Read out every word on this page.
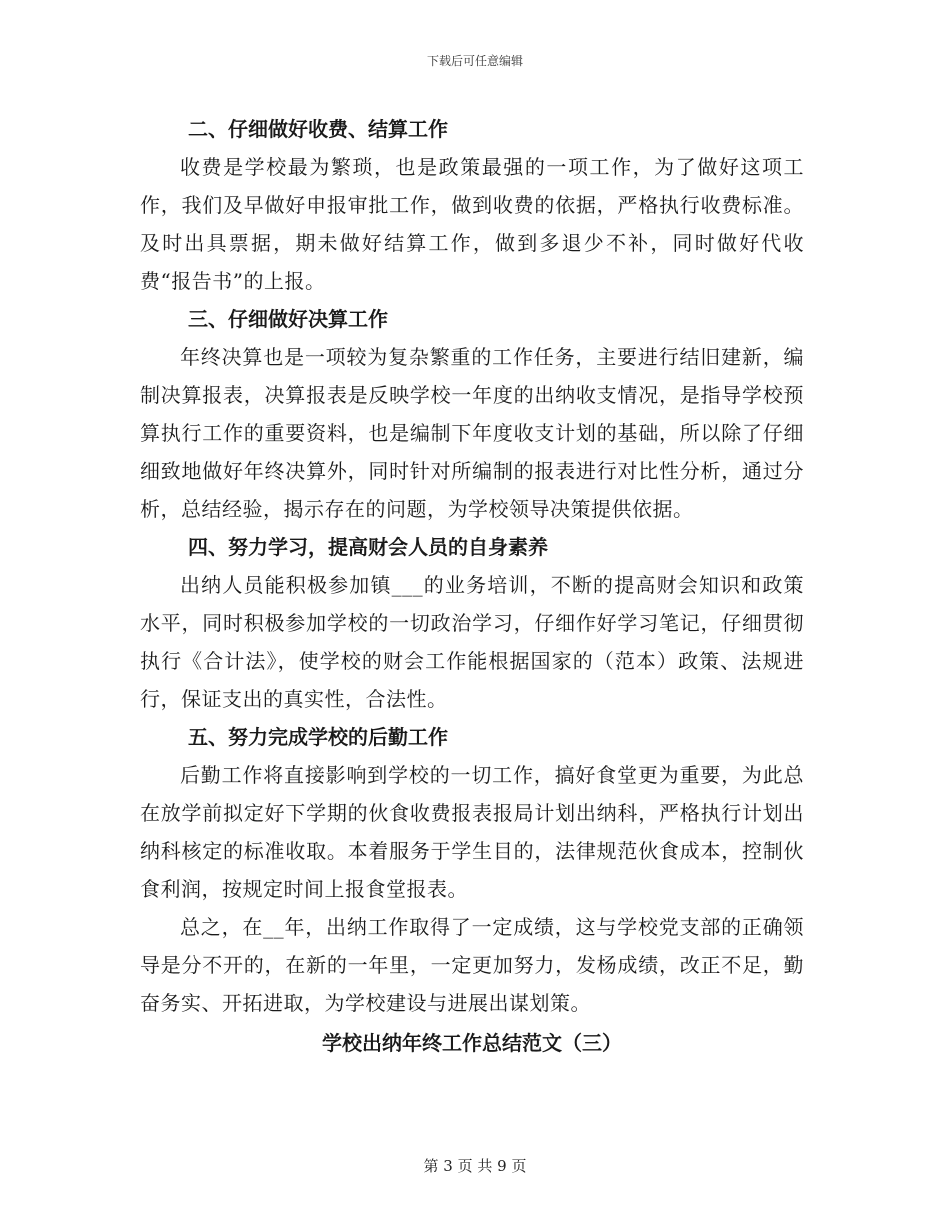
下载后可任意编辑
二、仔细做好收费、结算工作

收费是学校最为繁琐，也是政策最强的一项工作，为了做好这项工作，我们及早做好申报审批工作，做到收费的依据，严格执行收费标准。及时出具票据，期未做好结算工作，做到多退少不补，同时做好代收费“报告书”的上报。

三、仔细做好决算工作

年终决算也是一项较为复杂繁重的工作任务，主要进行结旧建新，编制决算报表，决算报表是反映学校一年度的出纳收支情况，是指导学校预算执行工作的重要资料，也是编制下年度收支计划的基础，所以除了仔细细致地做好年终决算外，同时针对所编制的报表进行对比性分析，通过分析，总结经验，揭示存在的问题，为学校领导决策提供依据。

四、努力学习，提高财会人员的自身素养

出纳人员能积极参加镇___的业务培训，不断的提高财会知识和政策水平，同时积极参加学校的一切政治学习，仔细作好学习笔记，仔细贯彻执行《合计法》，使学校的财会工作能根据国家的（范本）政策、法规进行，保证支出的真实性，合法性。

五、努力完成学校的后勤工作

后勤工作将直接影响到学校的一切工作，搞好食堂更为重要，为此总在放学前拟定好下学期的伙食收费报表报局计划出纳科，严格执行计划出纳科核定的标准收取。本着服务于学生目的，法律规范伙食成本，控制伙食利润，按规定时间上报食堂报表。

总之，在__年，出纳工作取得了一定成绩，这与学校党支部的正确领导是分不开的，在新的一年里，一定更加努力，发杨成绩，改正不足，勤奋务实、开拓进取，为学校建设与进展出谋划策。

学校出纳年终工作总结范文（三）
第 3 页 共 9 页
